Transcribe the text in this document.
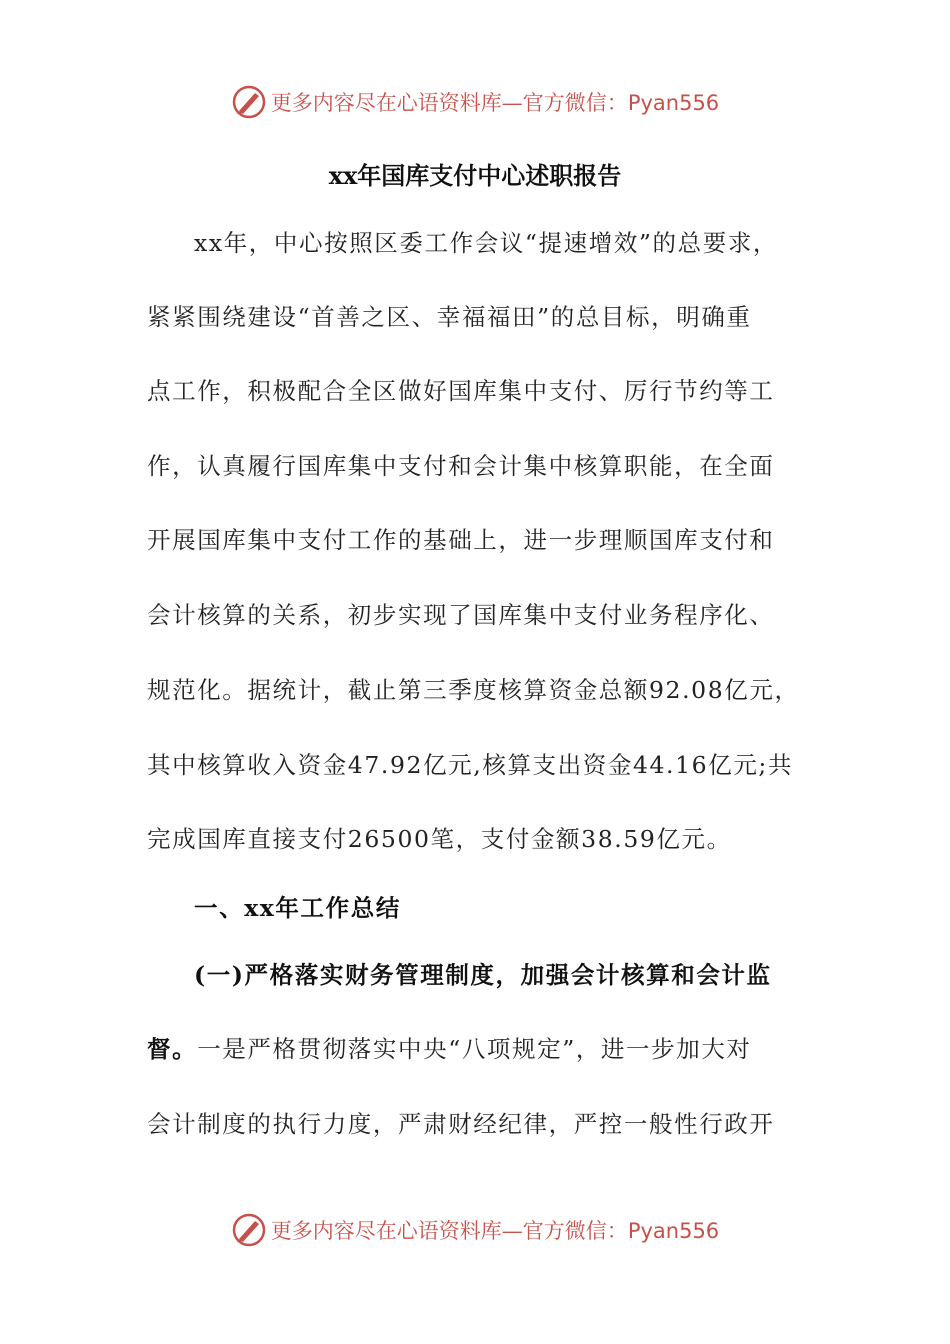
更多内容尽在心语资料库—官方微信：Pyan556
xx年国库支付中心述职报告
xx年，中心按照区委工作会议“提速增效”的总要求，
紧紧围绕建设“首善之区、幸福福田”的总目标，明确重
点工作，积极配合全区做好国库集中支付、厉行节约等工
作，认真履行国库集中支付和会计集中核算职能，在全面
开展国库集中支付工作的基础上，进一步理顺国库支付和
会计核算的关系，初步实现了国库集中支付业务程序化、
规范化。据统计，截止第三季度核算资金总额92.08亿元，
其中核算收入资金47.92亿元,核算支出资金44.16亿元;共
完成国库直接支付26500笔，支付金额38.59亿元。
一、xx年工作总结
(一)严格落实财务管理制度，加强会计核算和会计监
督。一是严格贯彻落实中央“八项规定”，进一步加大对
会计制度的执行力度，严肃财经纪律，严控一般性行政开
更多内容尽在心语资料库—官方微信：Pyan556
